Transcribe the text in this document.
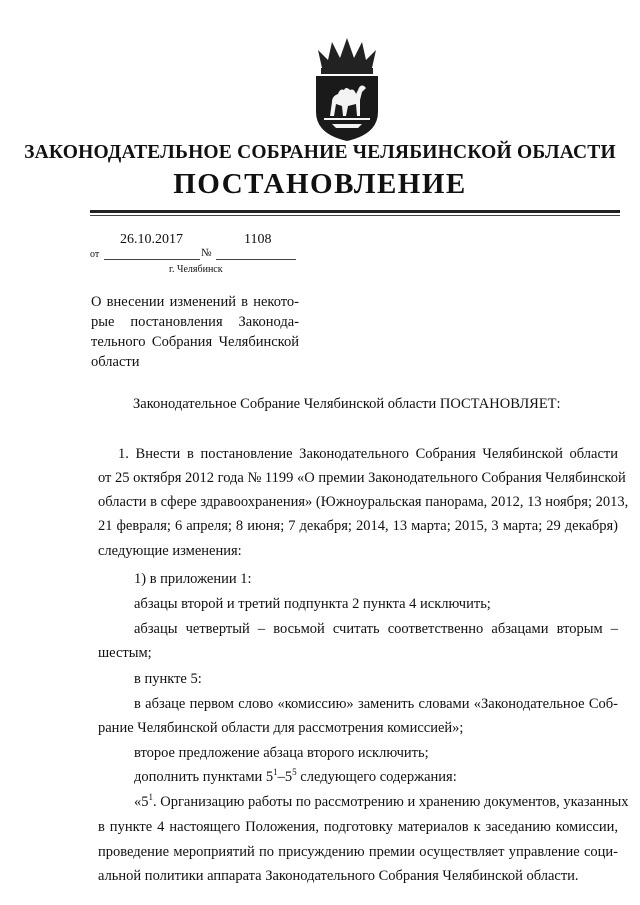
ЗАКОНОДАТЕЛЬНОЕ СОБРАНИЕ ЧЕЛЯБИНСКОЙ ОБЛАСТИ
ПОСТАНОВЛЕНИЕ
от
26.10.2017
№
1108
г. Челябинск
О внесении изменений в некото-
рые постановления Законода-
тельного Собрания Челябинской
области
Законодательное Собрание Челябинской области ПОСТАНОВЛЯЕТ:
1. Внести в постановление Законодательного Собрания Челябинской области
от 25 октября 2012 года № 1199 «О премии Законодательного Собрания Челябинской
области в сфере здравоохранения» (Южноуральская панорама, 2012, 13 ноября; 2013,
21 февраля; 6 апреля; 8 июня; 7 декабря; 2014, 13 марта; 2015, 3 марта; 29 декабря)
следующие изменения:
1) в приложении 1:
абзацы второй и третий подпункта 2 пункта 4 исключить;
абзацы четвертый – восьмой считать соответственно абзацами вторым –
шестым;
в пункте 5:
в абзаце первом слово «комиссию» заменить словами «Законодательное Соб-
рание Челябинской области для рассмотрения комиссией»;
второе предложение абзаца второго исключить;
дополнить пунктами $5^1-5^5$ следующего содержания:
«$5^1$. Организацию работы по рассмотрению и хранению документов, указанных
в пункте 4 настоящего Положения, подготовку материалов к заседанию комиссии,
проведение мероприятий по присуждению премии осуществляет управление соци-
альной политики аппарата Законодательного Собрания Челябинской области.
